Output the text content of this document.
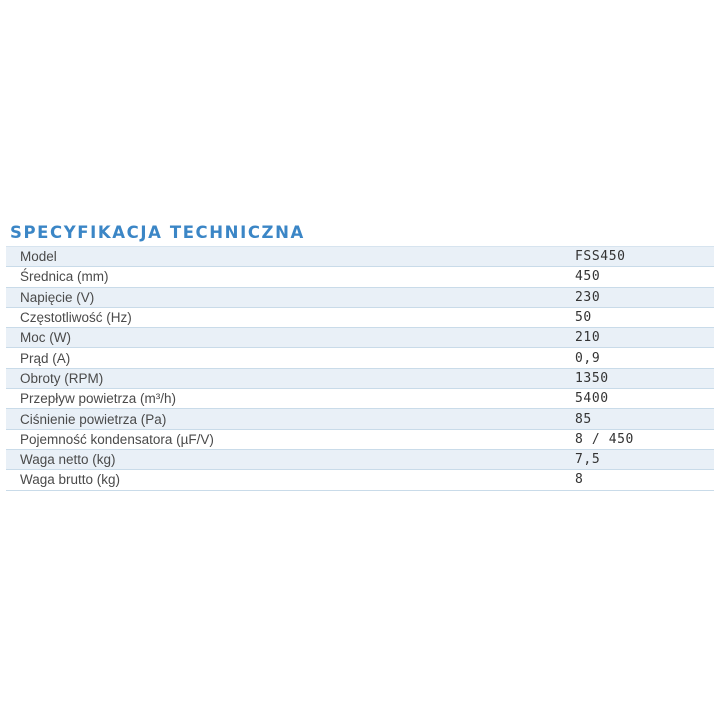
SPECYFIKACJA TECHNICZNA
Model	FSS450
Średnica (mm)	450
Napięcie (V)	230
Częstotliwość (Hz)	50
Moc (W)	210
Prąd (A)	0,9
Obroty (RPM)	1350
Przepływ powietrza (m³/h)	5400
Ciśnienie powietrza (Pa)	85
Pojemność kondensatora (µF/V)	8 / 450
Waga netto (kg)	7,5
Waga brutto (kg)	8
